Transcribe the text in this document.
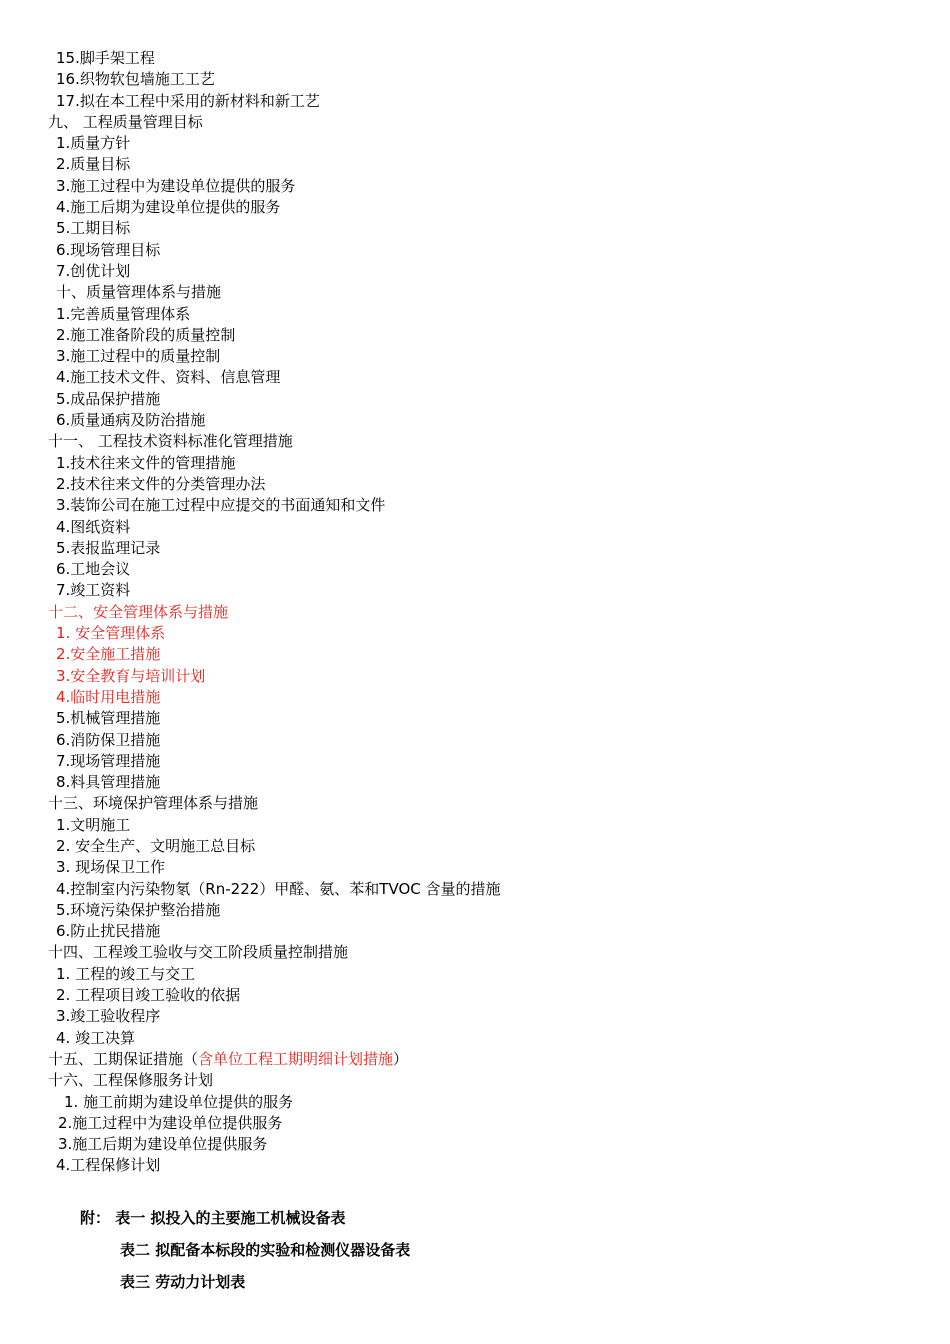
15.脚手架工程
16.织物软包墙施工工艺
17.拟在本工程中采用的新材料和新工艺
九、 工程质量管理目标
1.质量方针
2.质量目标
3.施工过程中为建设单位提供的服务
4.施工后期为建设单位提供的服务
5.工期目标
6.现场管理目标
7.创优计划
十、质量管理体系与措施
1.完善质量管理体系
2.施工准备阶段的质量控制
3.施工过程中的质量控制
4.施工技术文件、资料、信息管理
5.成品保护措施
6.质量通病及防治措施
十一、 工程技术资料标准化管理措施
1.技术往来文件的管理措施
2.技术往来文件的分类管理办法
3.装饰公司在施工过程中应提交的书面通知和文件
4.图纸资料
5.表报监理记录
6.工地会议
7.竣工资料
十二、安全管理体系与措施
1. 安全管理体系
2.安全施工措施
3.安全教育与培训计划
4.临时用电措施
5.机械管理措施
6.消防保卫措施
7.现场管理措施
8.料具管理措施
十三、环境保护管理体系与措施
1.文明施工
2. 安全生产、文明施工总目标
3. 现场保卫工作
4.控制室内污染物氡（Rn-222）甲醛、氨、苯和TVOC 含量的措施
5.环境污染保护整治措施
6.防止扰民措施
十四、工程竣工验收与交工阶段质量控制措施
1. 工程的竣工与交工
2. 工程项目竣工验收的依据
3.竣工验收程序
4. 竣工决算
十五、工期保证措施（含单位工程工期明细计划措施）
十六、工程保修服务计划
1. 施工前期为建设单位提供的服务
2.施工过程中为建设单位提供服务
3.施工后期为建设单位提供服务
4.工程保修计划
附： 表一 拟投入的主要施工机械设备表
表二 拟配备本标段的实验和检测仪器设备表
表三 劳动力计划表
